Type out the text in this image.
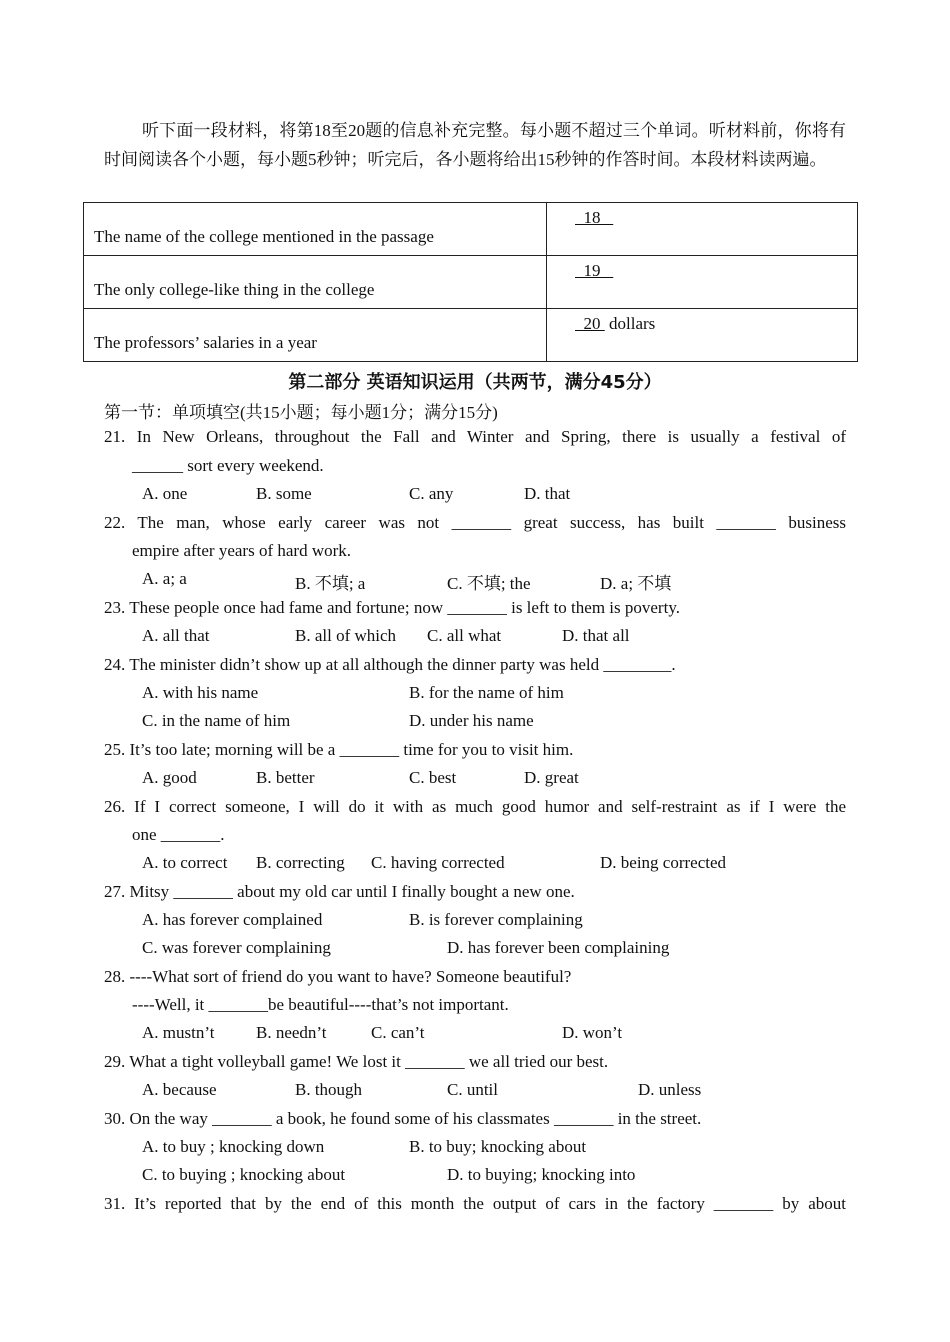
听下面一段材料，将第18至20题的信息补充完整。每小题不超过三个单词。听材料前，你将有时间阅读各个小题，每小题5秒钟；听完后，各小题将给出15秒钟的作答时间。本段材料读两遍。
The name of the college mentioned in the passage	18
The only college-like thing in the college	19
The professors’ salaries in a year	20  dollars
第二部分 英语知识运用（共两节，满分45分）
第一节：单项填空(共15小题；每小题1分；满分15分)
21. In New Orleans, throughout the Fall and Winter and Spring, there is usually a festival of
______ sort every weekend.
A. one	B. some	C. any	D. that
22. The man, whose early career was not _______ great success, has built _______ business
empire after years of hard work.
A. a; a	B. 不填; a	C. 不填; the	D. a; 不填
23. These people once had fame and fortune; now _______ is left to them is poverty.
A. all that	B. all of which C. all what	D. that all
24. The minister didn’t show up at all although the dinner party was held ________.
A. with his name	B. for the name of him
C. in the name of him	D. under his name
25. It’s too late; morning will be a _______ time for you to visit him.
A. good	B. better	C. best	D. great
26. If I correct someone, I will do it with as much good humor and self-restraint as if I were the
one _______.
A. to correct B. correcting C. having corrected	D. being corrected
27. Mitsy _______ about my old car until I finally bought a new one.
A. has forever complained	B. is forever complaining
C. was forever complaining	D. has forever been complaining
28. ----What sort of friend do you want to have? Someone beautiful?
----Well, it _______be beautiful----that’s not important.
A. mustn’t B. needn’t	C. can’t	D. won’t
29. What a tight volleyball game! We lost it _______ we all tried our best.
A. because	B. though	C. until	D. unless
30. On the way _______ a book, he found some of his classmates _______ in the street.
A. to buy ; knocking down	B. to buy; knocking about
C. to buying ; knocking about	D. to buying; knocking into
31. It’s reported that by the end of this month the output of cars in the factory _______ by about
